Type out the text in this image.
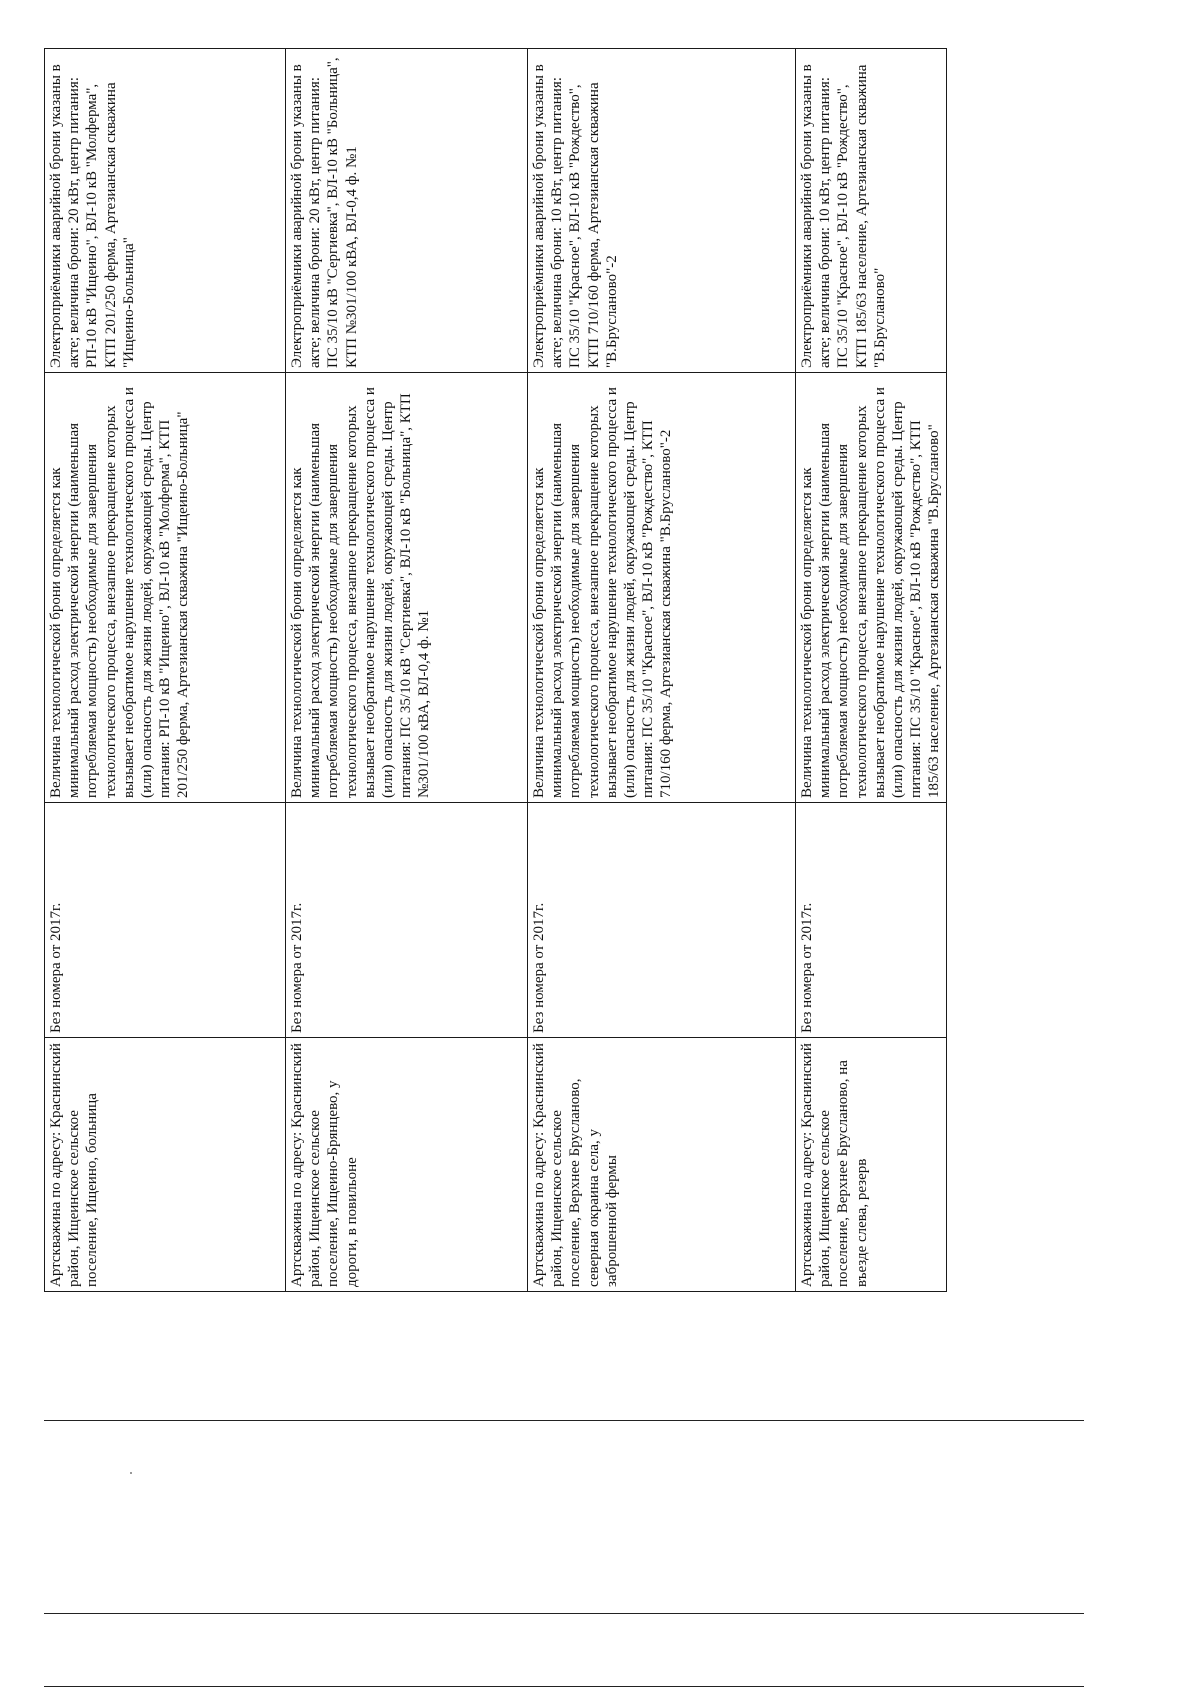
Артскважина по адресу: Краснинский район, Ищеинское сельское поселение, Ищеино, больница	Без номера от 2017г.	Величина технологической брони определяется как минимальный расход электрической энергии (наименьшая потребляемая мощность) необходимые для завершения технологического процесса, внезапное прекращение которых вызывает необратимое нарушение технологического процесса и (или) опасность для жизни людей, окружающей среды. Центр питания: РП-10 кВ "Ищеино", ВЛ-10 кВ "Молферма", КТП 201/250 ферма, Артезианская скважина "Ищеино-Больница"	Электроприёмники аварийной брони указаны в акте; величина брони: 20 кВт, центр питания: РП-10 кВ "Ищеино", ВЛ-10 кВ "Молферма", КТП 201/250 ферма, Артезианская скважина "Ищеино-Больница"
Артскважина по адресу: Краснинский район, Ищеинское сельское поселение, Ищеино-Брянцево, у дороги, в повильоне	Без номера от 2017г.	Величина технологической брони определяется как минимальный расход электрической энергии (наименьшая потребляемая мощность) необходимые для завершения технологического процесса, внезапное прекращение которых вызывает необратимое нарушение технологического процесса и (или) опасность для жизни людей, окружающей среды. Центр питания: ПС 35/10 кВ "Сергиевка", ВЛ-10 кВ "Больница", КТП №301/100 кВА, ВЛ-0,4 ф. №1	Электроприёмники аварийной брони указаны в акте; величина брони: 20 кВт, центр питания: ПС 35/10 кВ "Сергиевка", ВЛ-10 кВ "Больница", КТП №301/100 кВА, ВЛ-0,4 ф. №1
Артскважина по адресу: Краснинский район, Ищеинское сельское поселение, Верхнее Брусланово, северная окраина села, у заброшенной фермы	Без номера от 2017г.	Величина технологической брони определяется как минимальный расход электрической энергии (наименьшая потребляемая мощность) необходимые для завершения технологического процесса, внезапное прекращение которых вызывает необратимое нарушение технологического процесса и (или) опасность для жизни людей, окружающей среды. Центр питания: ПС 35/10 "Красное", ВЛ-10 кВ "Рождество", КТП 710/160 ферма, Артезианская скважина "В.Брусланово"-2	Электроприёмники аварийной брони указаны в акте; величина брони: 10 кВт, центр питания: ПС 35/10 "Красное", ВЛ-10 кВ "Рождество", КТП 710/160 ферма, Артезианская скважина "В.Брусланово"-2
Артскважина по адресу: Краснинский район, Ищеинское сельское поселение, Верхнее Брусланово, на въезде слева, резерв	Без номера от 2017г.	Величина технологической брони определяется как минимальный расход электрической энергии (наименьшая потребляемая мощность) необходимые для завершения технологического процесса, внезапное прекращение которых вызывает необратимое нарушение технологического процесса и (или) опасность для жизни людей, окружающей среды. Центр питания: ПС 35/10 "Красное", ВЛ-10 кВ "Рождество", КТП 185/63 население, Артезианская скважина "В.Брусланово"	Электроприёмники аварийной брони указаны в акте; величина брони: 10 кВт, центр питания: ПС 35/10 "Красное", ВЛ-10 кВ "Рождество", КТП 185/63 население, Артезианская скважина "В.Брусланово"
